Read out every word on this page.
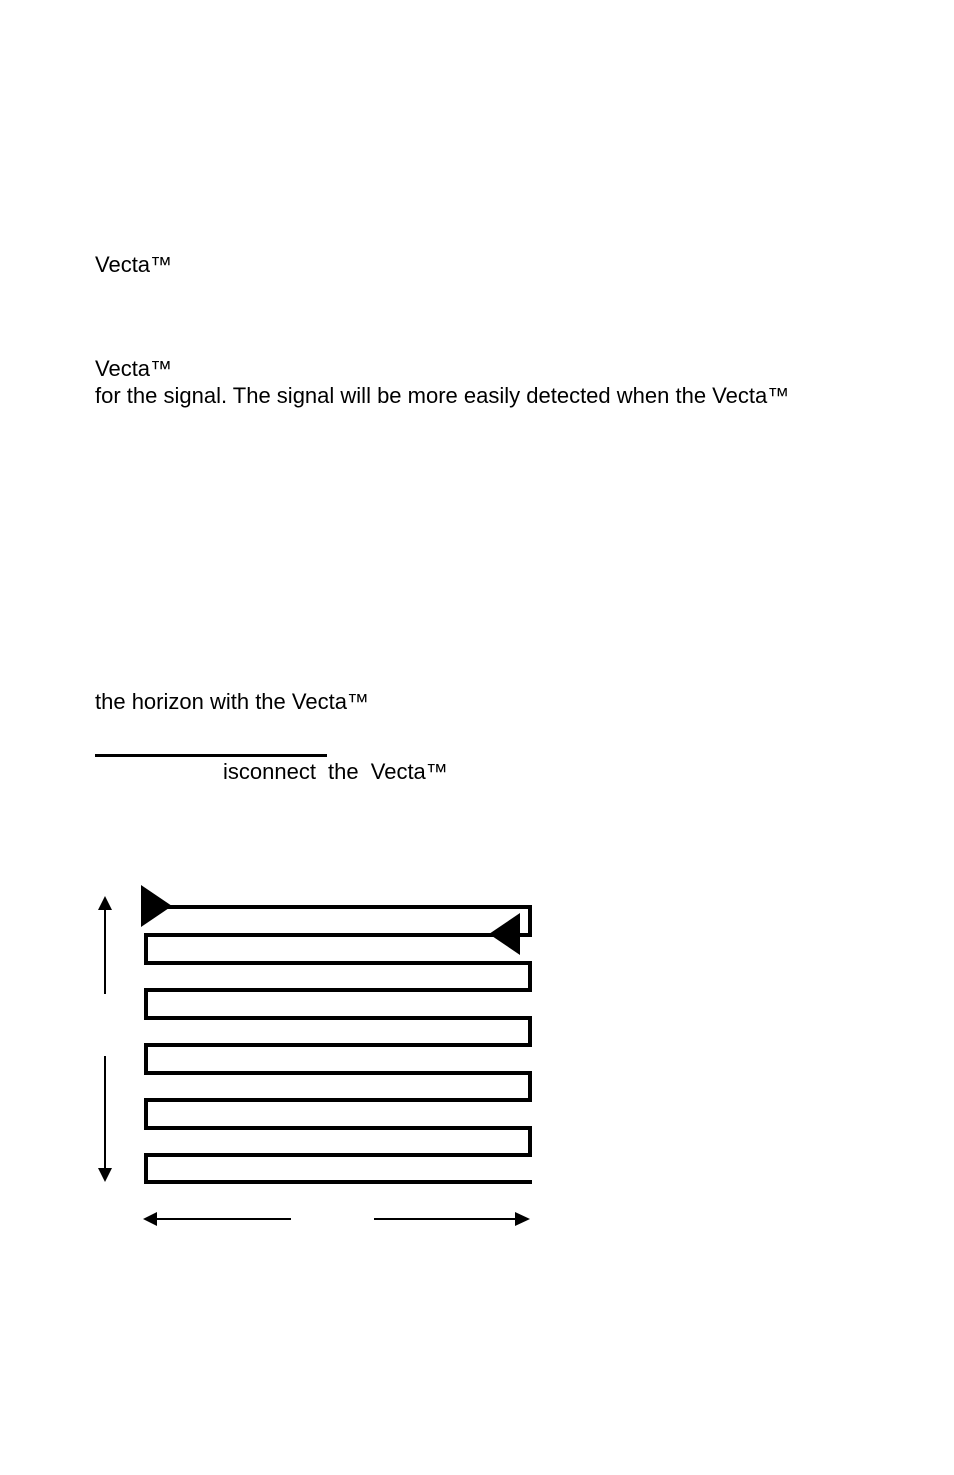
Vecta™

Vecta™

for the signal. The signal will be more easily detected when the Vecta™

the horizon with the Vecta™

isconnect the Vecta™
